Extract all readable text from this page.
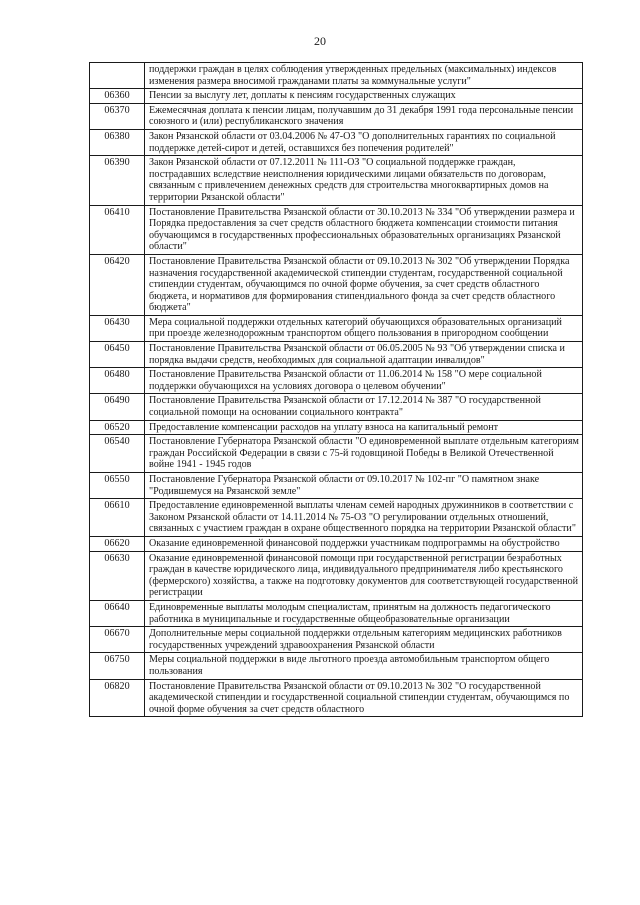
20
	поддержки граждан в целях соблюдения утвержденных предельных (максимальных) индексов изменения размера вносимой гражданами платы за коммунальные услуги"
06360	Пенсии за выслугу лет, доплаты к пенсиям государственных служащих
06370	Ежемесячная доплата к пенсии лицам, получавшим до 31 декабря 1991 года персональные пенсии союзного и (или) республиканского значения
06380	Закон Рязанской области от 03.04.2006 № 47-ОЗ "О дополнительных гарантиях по социальной поддержке детей-сирот и детей, оставшихся без попечения родителей"
06390	Закон Рязанской области от 07.12.2011 № 111-ОЗ "О социальной поддержке граждан, пострадавших вследствие неисполнения юридическими лицами обязательств по договорам, связанным с привлечением денежных средств для строительства многоквартирных домов на территории Рязанской области"
06410	Постановление Правительства Рязанской области от 30.10.2013 № 334 "Об утверждении размера и Порядка предоставления за счет средств областного бюджета компенсации стоимости питания обучающимся в государственных профессиональных образовательных организациях Рязанской области"
06420	Постановление Правительства Рязанской области от 09.10.2013 № 302 "Об утверждении Порядка назначения государственной академической стипендии студентам, государственной социальной стипендии студентам, обучающимся по очной форме обучения, за счет средств областного бюджета, и нормативов для формирования стипендиального фонда за счет средств областного бюджета"
06430	Мера социальной поддержки отдельных категорий обучающихся образовательных организаций при проезде железнодорожным транспортом общего пользования в пригородном сообщении
06450	Постановление Правительства Рязанской области от 06.05.2005 № 93 "Об утверждении списка и порядка выдачи средств, необходимых для социальной адаптации инвалидов"
06480	Постановление Правительства Рязанской области от 11.06.2014 № 158 "О мере социальной поддержки обучающихся на условиях договора о целевом обучении"
06490	Постановление Правительства Рязанской области от 17.12.2014 № 387 "О государственной социальной помощи на основании социального контракта"
06520	Предоставление компенсации расходов на уплату взноса на капитальный ремонт
06540	Постановление Губернатора Рязанской области "О единовременной выплате отдельным категориям граждан Российской Федерации в связи с 75-й годовщиной Победы в Великой Отечественной войне 1941 - 1945 годов
06550	Постановление Губернатора Рязанской области от 09.10.2017 № 102-пг "О памятном знаке "Родившемуся на Рязанской земле"
06610	Предоставление единовременной выплаты членам семей народных дружинников в соответствии с Законом Рязанской области от 14.11.2014 № 75-ОЗ "О регулировании отдельных отношений, связанных с участием граждан в охране общественного порядка на территории Рязанской области"
06620	Оказание единовременной финансовой поддержки участникам подпрограммы на обустройство
06630	Оказание единовременной финансовой помощи при государственной регистрации безработных граждан в качестве юридического лица, индивидуального предпринимателя либо крестьянского (фермерского) хозяйства, а также на подготовку документов для соответствующей государственной регистрации
06640	Единовременные выплаты молодым специалистам, принятым на должность педагогического работника в муниципальные и государственные общеобразовательные организации
06670	Дополнительные меры социальной поддержки отдельным категориям медицинских работников государственных учреждений здравоохранения Рязанской области
06750	Меры социальной поддержки в виде льготного проезда автомобильным транспортом общего пользования
06820	Постановление Правительства Рязанской области от 09.10.2013 № 302 "О государственной академической стипендии и государственной социальной стипендии студентам, обучающимся по очной форме обучения за счет средств областного
